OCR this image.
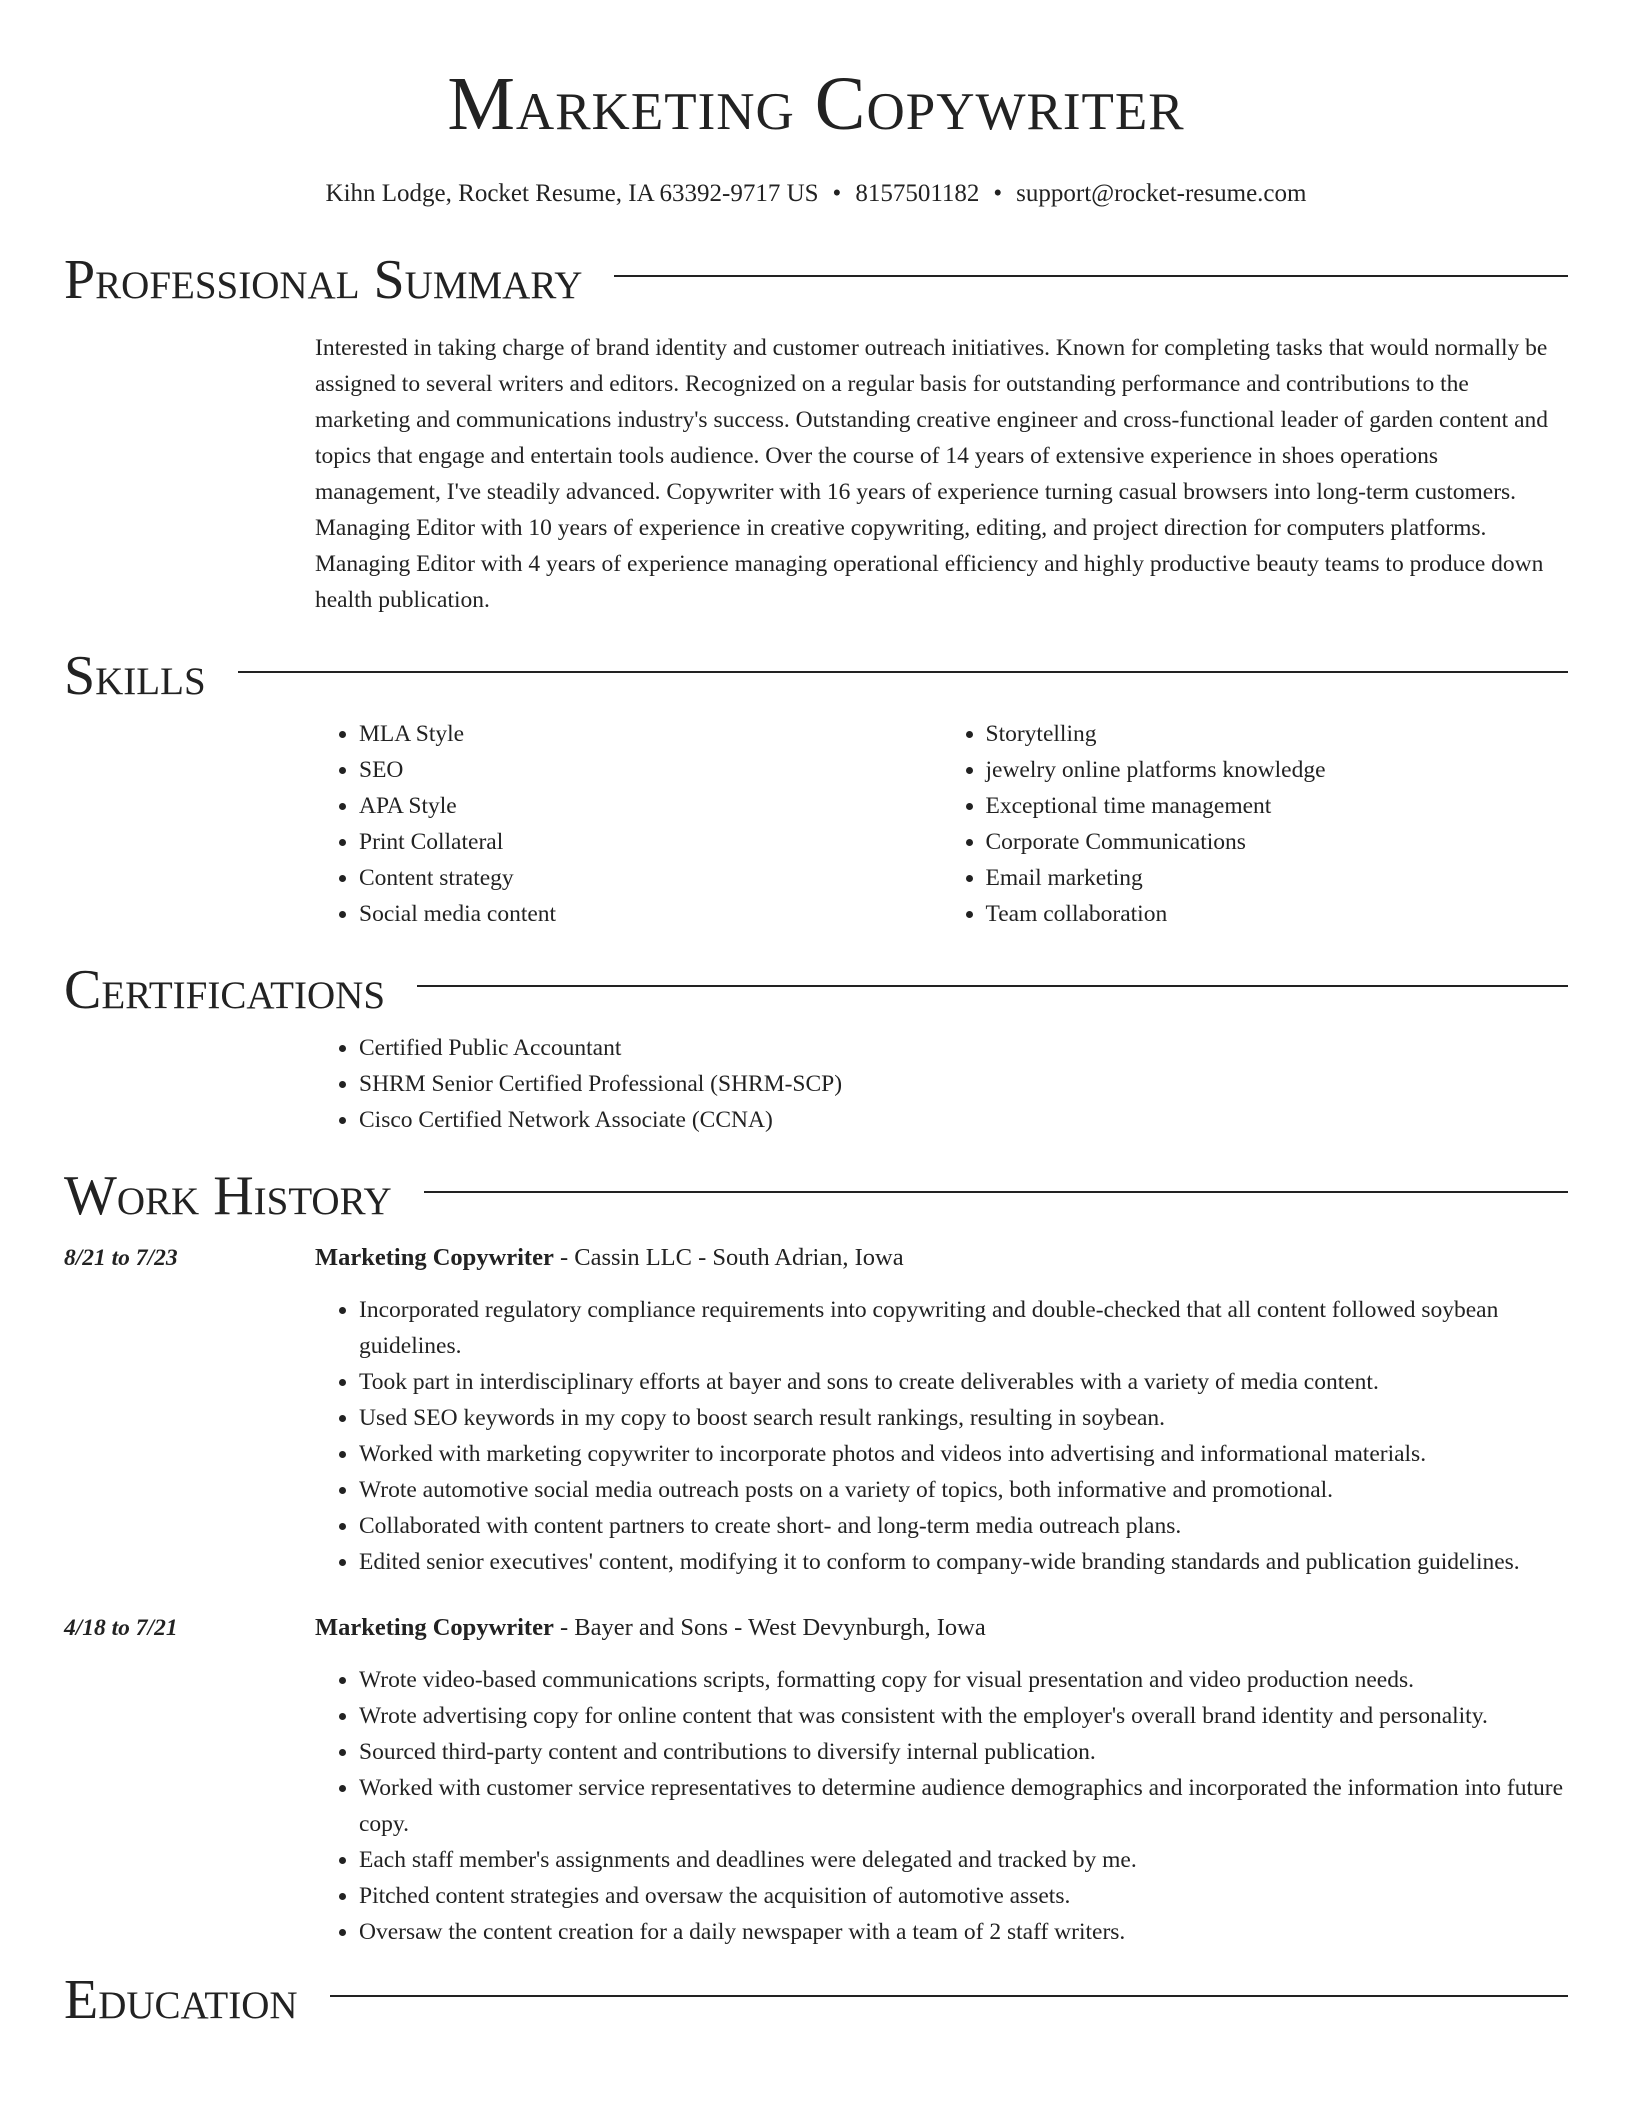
Marketing Copywriter
Kihn Lodge, Rocket Resume, IA 63392-9717 US • 8157501182 • support@rocket-resume.com
Professional Summary
Interested in taking charge of brand identity and customer outreach initiatives. Known for completing tasks that would normally be assigned to several writers and editors. Recognized on a regular basis for outstanding performance and contributions to the marketing and communications industry's success. Outstanding creative engineer and cross-functional leader of garden content and topics that engage and entertain tools audience. Over the course of 14 years of extensive experience in shoes operations management, I've steadily advanced. Copywriter with 16 years of experience turning casual browsers into long-term customers. Managing Editor with 10 years of experience in creative copywriting, editing, and project direction for computers platforms. Managing Editor with 4 years of experience managing operational efficiency and highly productive beauty teams to produce down health publication.
Skills
• MLA Style
• SEO
• APA Style
• Print Collateral
• Content strategy
• Social media content
• Storytelling
• jewelry online platforms knowledge
• Exceptional time management
• Corporate Communications
• Email marketing
• Team collaboration
Certifications
• Certified Public Accountant
• SHRM Senior Certified Professional (SHRM-SCP)
• Cisco Certified Network Associate (CCNA)
Work History
8/21 to 7/23	Marketing Copywriter - Cassin LLC - South Adrian, Iowa
• Incorporated regulatory compliance requirements into copywriting and double-checked that all content followed soybean guidelines.
• Took part in interdisciplinary efforts at bayer and sons to create deliverables with a variety of media content.
• Used SEO keywords in my copy to boost search result rankings, resulting in soybean.
• Worked with marketing copywriter to incorporate photos and videos into advertising and informational materials.
• Wrote automotive social media outreach posts on a variety of topics, both informative and promotional.
• Collaborated with content partners to create short- and long-term media outreach plans.
• Edited senior executives' content, modifying it to conform to company-wide branding standards and publication guidelines.
4/18 to 7/21	Marketing Copywriter - Bayer and Sons - West Devynburgh, Iowa
• Wrote video-based communications scripts, formatting copy for visual presentation and video production needs.
• Wrote advertising copy for online content that was consistent with the employer's overall brand identity and personality.
• Sourced third-party content and contributions to diversify internal publication.
• Worked with customer service representatives to determine audience demographics and incorporated the information into future copy.
• Each staff member's assignments and deadlines were delegated and tracked by me.
• Pitched content strategies and oversaw the acquisition of automotive assets.
• Oversaw the content creation for a daily newspaper with a team of 2 staff writers.
Education
